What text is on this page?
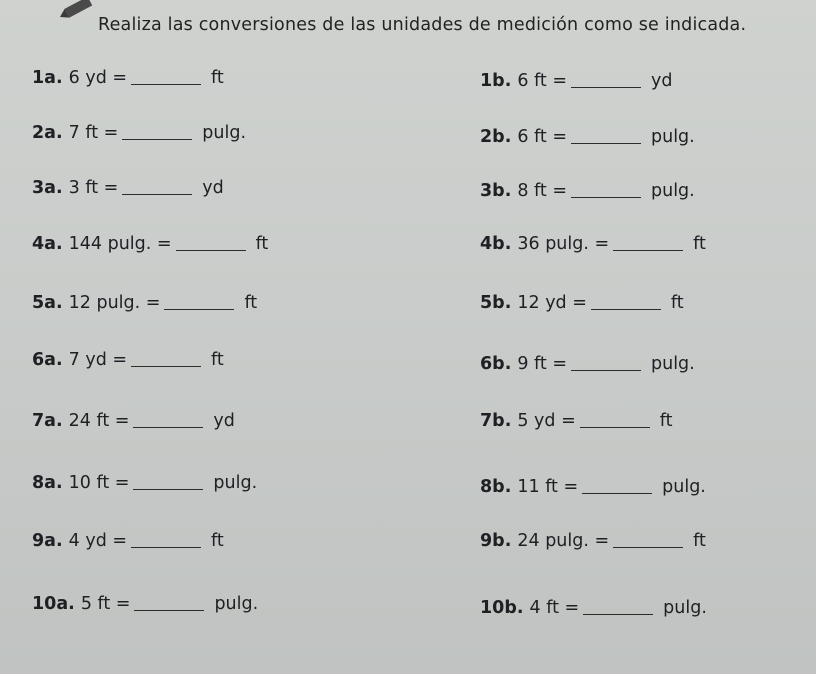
Realiza las conversiones de las unidades de medición como se indicada.
1a. 6 yd =	ft	1b. 6 ft =	yd
2a. 7 ft =	pulg.	2b. 6 ft =	pulg.
3a. 3 ft =	yd	3b. 8 ft =	pulg.
4a. 144 pulg. =	ft	4b. 36 pulg. =	ft
5a. 12 pulg. =	ft	5b. 12 yd =	ft
6a. 7 yd =	ft	6b. 9 ft =	pulg.
7a. 24 ft =	yd	7b. 5 yd =	ft
8a. 10 ft =	pulg.	8b. 11 ft =	pulg.
9a. 4 yd =	ft	9b. 24 pulg. =	ft
10a. 5 ft =	pulg.	10b. 4 ft =	pulg.
